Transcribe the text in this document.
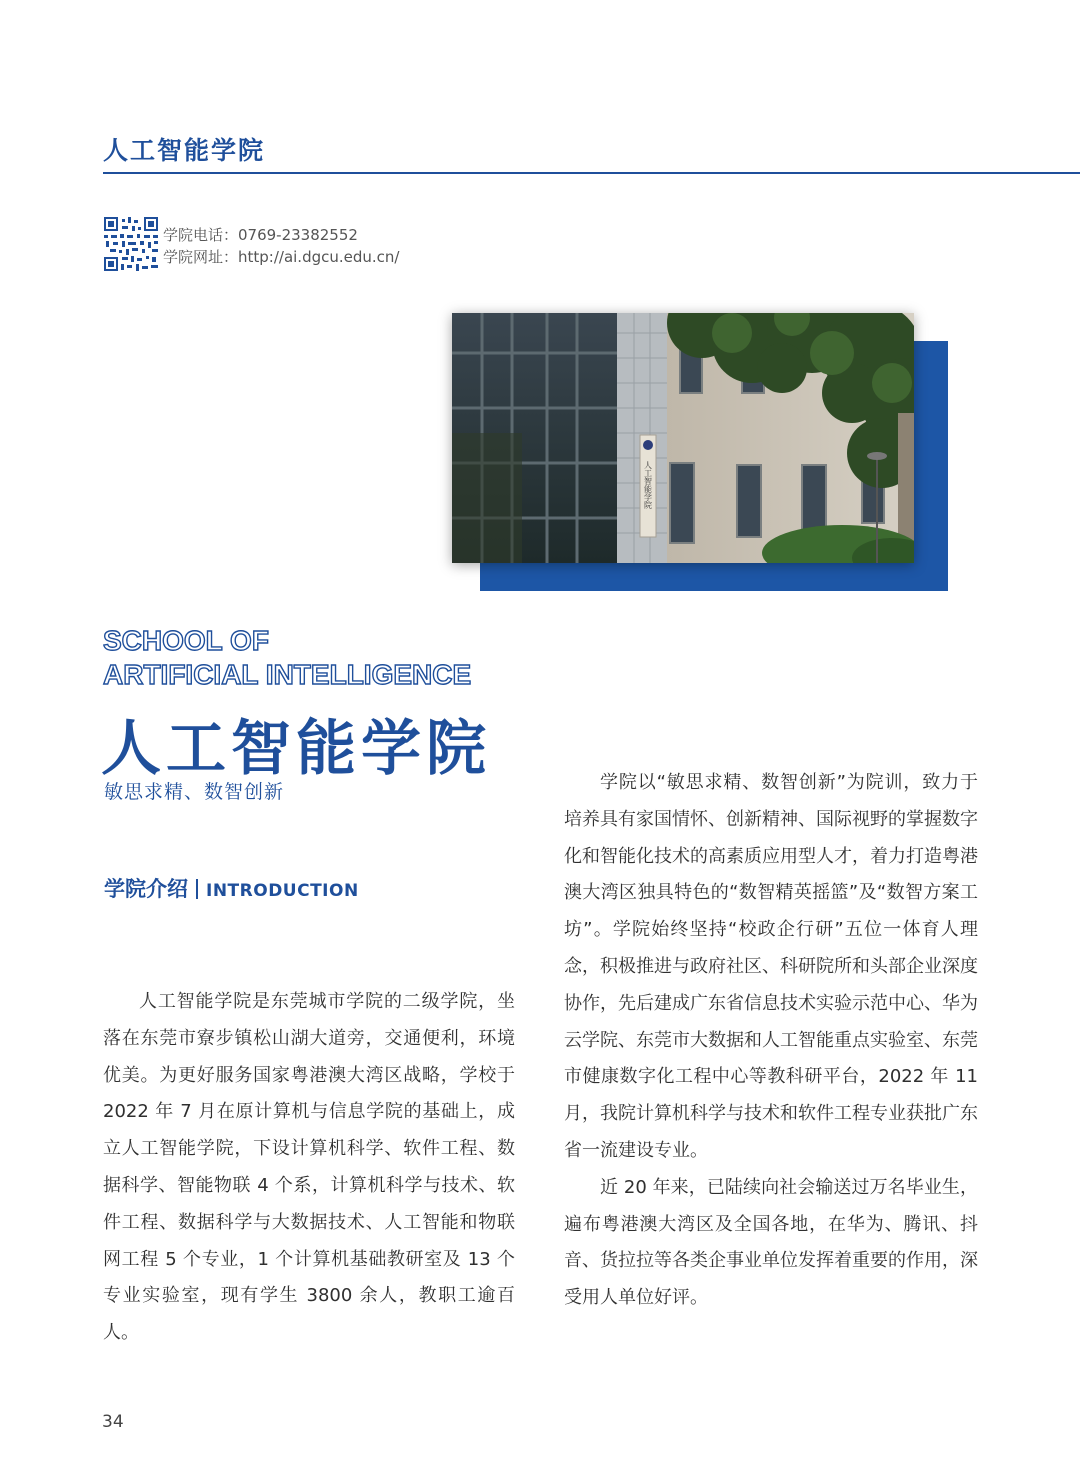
人工智能学院
学院电话：0769-23382552
学院网址：http://ai.dgcu.edu.cn/
人工智能学院
SCHOOL OF
ARTIFICIAL INTELLIGENCE
人工智能学院
敏思求精、数智创新
学院介绍 INTRODUCTION

人工智能学院是东莞城市学院的二级学院，坐落在东莞市寮步镇松山湖大道旁，交通便利，环境优美。为更好服务国家粤港澳大湾区战略，学校于 2022 年 7 月在原计算机与信息学院的基础上，成立人工智能学院，下设计算机科学、软件工程、数据科学、智能物联 4 个系，计算机科学与技术、软件工程、数据科学与大数据技术、人工智能和物联网工程 5 个专业，1 个计算机基础教研室及 13 个专业实验室，现有学生 3800 余人，教职工逾百人。

学院以“敏思求精、数智创新”为院训，致力于培养具有家国情怀、创新精神、国际视野的掌握数字化和智能化技术的高素质应用型人才，着力打造粤港澳大湾区独具特色的“数智精英摇篮”及“数智方案工坊”。学院始终坚持“校政企行研”五位一体育人理念，积极推进与政府社区、科研院所和头部企业深度协作，先后建成广东省信息技术实验示范中心、华为云学院、东莞市大数据和人工智能重点实验室、东莞市健康数字化工程中心等教科研平台，2022 年 11 月，我院计算机科学与技术和软件工程专业获批广东省一流建设专业。

近 20 年来，已陆续向社会输送过万名毕业生，遍布粤港澳大湾区及全国各地，在华为、腾讯、抖音、货拉拉等各类企事业单位发挥着重要的作用，深受用人单位好评。

34
